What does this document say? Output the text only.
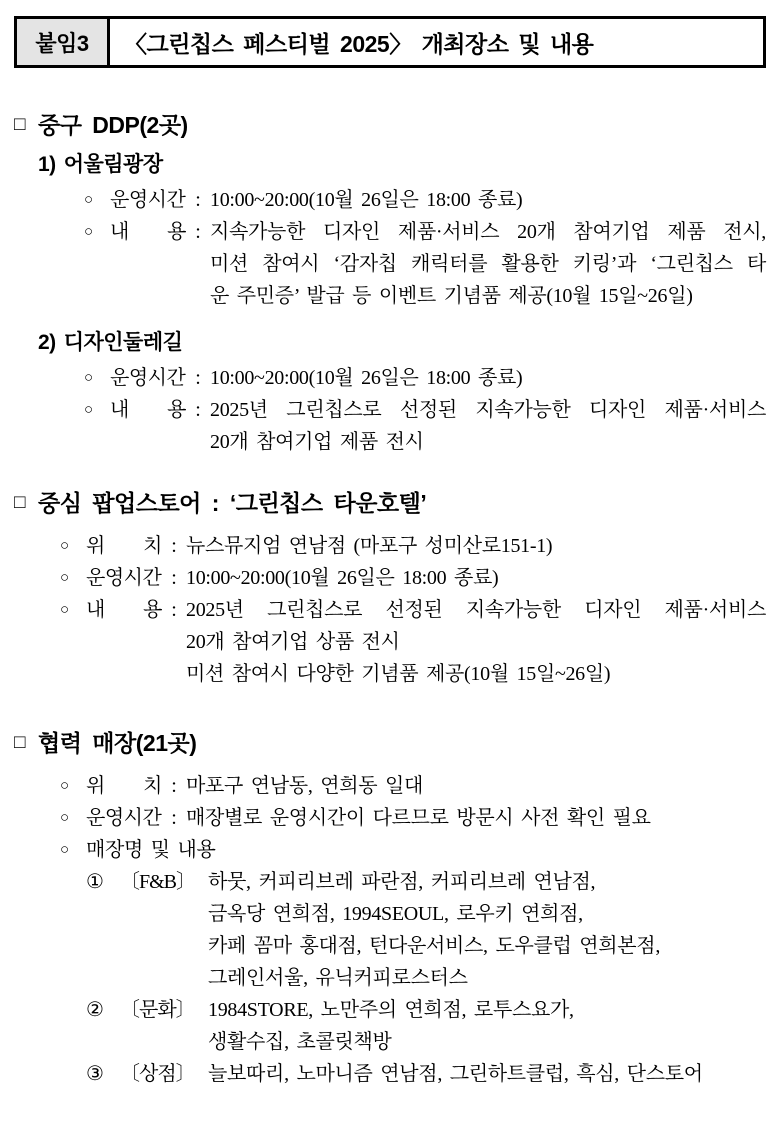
붙임3	〈그린칩스 페스티벌 2025〉 개최장소 및 내용
□ 중구 DDP(2곳)
1) 어울림광장
○ 운영시간 : 10:00~20:00(10월 26일은 18:00 종료)
○ 내 용 : 지속가능한 디자인 제품·서비스 20개 참여기업 제품 전시,
미션 참여시 ‘감자칩 캐릭터를 활용한 키링’과 ‘그린칩스 타
운 주민증’ 발급 등 이벤트 기념품 제공(10월 15일~26일)
2) 디자인둘레길
○ 운영시간 : 10:00~20:00(10월 26일은 18:00 종료)
○ 내 용 : 2025년 그린칩스로 선정된 지속가능한 디자인 제품·서비스
20개 참여기업 제품 전시
□ 중심 팝업스토어 : ‘그린칩스 타운호텔’
○ 위 치 : 뉴스뮤지엄 연남점 (마포구 성미산로151-1)
○ 운영시간 : 10:00~20:00(10월 26일은 18:00 종료)
○ 내 용 : 2025년 그린칩스로 선정된 지속가능한 디자인 제품·서비스
20개 참여기업 상품 전시
미션 참여시 다양한 기념품 제공(10월 15일~26일)
□ 협력 매장(21곳)
○ 위 치 : 마포구 연남동, 연희동 일대
○ 운영시간 : 매장별로 운영시간이 다르므로 방문시 사전 확인 필요
○ 매장명 및 내용
① 〔F&B〕 하뭇, 커피리브레 파란점, 커피리브레 연남점,
금옥당 연희점, 1994SEOUL, 로우키 연희점,
카페 꼼마 홍대점, 턴다운서비스, 도우클럽 연희본점,
그레인서울, 유닉커피로스터스
② 〔문화〕 1984STORE, 노만주의 연희점, 로투스요가,
생활수집, 초콜릿책방
③ 〔상점〕 늘보따리, 노마니즘 연남점, 그린하트클럽, 흑심, 단스토어
